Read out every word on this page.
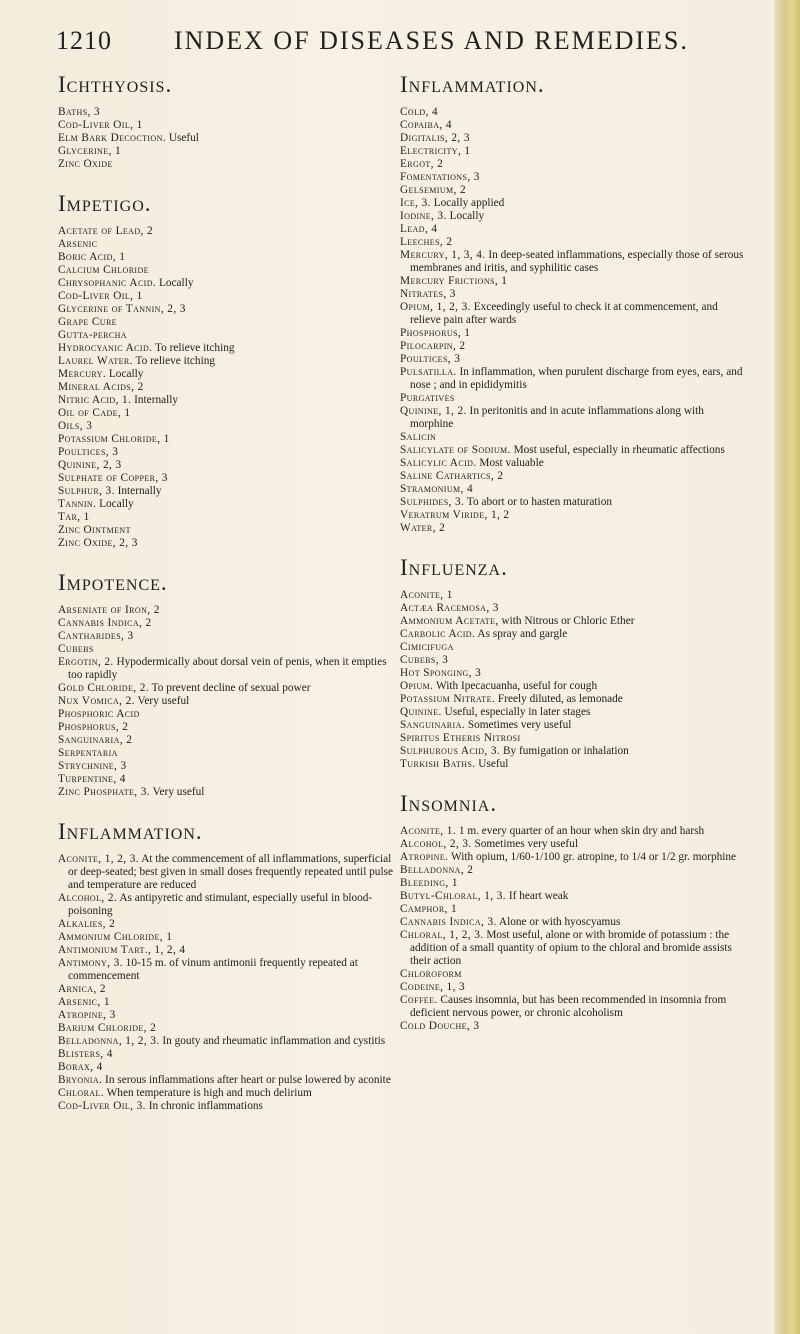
1210 INDEX OF DISEASES AND REMEDIES.
Ichthyosis.
Baths, 3
Cod-Liver Oil, 1
Elm Bark Decoction. Useful
Glycerine, 1
Zinc Oxide
Impetigo.
Acetate of Lead, 2
Arsenic
Boric Acid, 1
Calcium Chloride
Chrysophanic Acid. Locally
Cod-Liver Oil, 1
Glycerine of Tannin, 2, 3
Grape Cure
Gutta-percha
Hydrocyanic Acid. To relieve itching
Laurel Water. To relieve itching
Mercury. Locally
Mineral Acids, 2
Nitric Acid, 1. Internally
Oil of Cade, 1
Oils, 3
Potassium Chloride, 1
Poultices, 3
Quinine, 2, 3
Sulphate of Copper, 3
Sulphur, 3. Internally
Tannin. Locally
Tar, 1
Zinc Ointment
Zinc Oxide, 2, 3
Impotence.
Arseniate of Iron, 2
Cannabis Indica, 2
Cantharides, 3
Cubebs
Ergotin, 2. Hypodermically about dorsal vein of penis, when it empties too rapidly
Gold Chloride, 2. To prevent decline of sexual power
Nux Vomica, 2. Very useful
Phosphoric Acid
Phosphorus, 2
Sanguinaria, 2
Serpentaria
Strychnine, 3
Turpentine, 4
Zinc Phosphate, 3. Very useful
Inflammation.
Aconite, 1, 2, 3. At the commencement of all inflammations, superficial or deep-seated; best given in small doses frequently repeated until pulse and temperature are reduced
Alcohol, 2. As antipyretic and stimulant, especially useful in blood-poisoning
Alkalies, 2
Ammonium Chloride, 1
Antimonium Tart., 1, 2, 4
Antimony, 3. 10-15 m. of vinum antimonii frequently repeated at commencement
Arnica, 2
Arsenic, 1
Atropine, 3
Barium Chloride, 2
Belladonna, 1, 2, 3. In gouty and rheumatic inflammation and cystitis
Blisters, 4
Borax, 4
Bryonia. In serous inflammations after heart or pulse lowered by aconite
Chloral. When temperature is high and much delirium
Cod-Liver Oil, 3. In chronic inflammations
Inflammation.
Cold, 4
Copaiba, 4
Digitalis, 2, 3
Electricity, 1
Ergot, 2
Fomentations, 3
Gelsemium, 2
Ice, 3. Locally applied
Iodine, 3. Locally
Lead, 4
Leeches, 2
Mercury, 1, 3, 4. In deep-seated inflammations, especially those of serous membranes and iritis, and syphilitic cases
Mercury Frictions, 1
Nitrates, 3
Opium, 1, 2, 3. Exceedingly useful to check it at commencement, and relieve pain after wards
Phosphorus, 1
Pilocarpin, 2
Poultices, 3
Pulsatilla. In inflammation, when purulent discharge from eyes, ears, and nose ; and in epididymitis
Purgatives
Quinine, 1, 2. In peritonitis and in acute inflammations along with morphine
Salicin
Salicylate of Sodium. Most useful, especially in rheumatic affections
Salicylic Acid. Most valuable
Saline Cathartics, 2
Stramonium, 4
Sulphides, 3. To abort or to hasten maturation
Veratrum Viride, 1, 2
Water, 2
Influenza.
Aconite, 1
Actæa Racemosa, 3
Ammonium Acetate, with Nitrous or Chloric Ether
Carbolic Acid. As spray and gargle
Cimicifuga
Cubebs, 3
Hot Sponging, 3
Opium. With Ipecacuanha, useful for cough
Potassium Nitrate. Freely diluted, as lemonade
Quinine. Useful, especially in later stages
Sanguinaria. Sometimes very useful
Spiritus Etheris Nitrosi
Sulphurous Acid, 3. By fumigation or inhalation
Turkish Baths. Useful
Insomnia.
Aconite, 1. 1 m. every quarter of an hour when skin dry and harsh
Alcohol, 2, 3. Sometimes very useful
Atropine. With opium, 1/60-1/100 gr. atropine, to 1/4 or 1/2 gr. morphine
Belladonna, 2
Bleeding, 1
Butyl-Chloral, 1, 3. If heart weak
Camphor, 1
Cannabis Indica, 3. Alone or with hyoscyamus
Chloral, 1, 2, 3. Most useful, alone or with bromide of potassium : the addition of a small quantity of opium to the chloral and bromide assists their action
Chloroform
Codeine, 1, 3
Coffee. Causes insomnia, but has been recommended in insomnia from deficient nervous power, or chronic alcoholism
Cold Douche, 3
